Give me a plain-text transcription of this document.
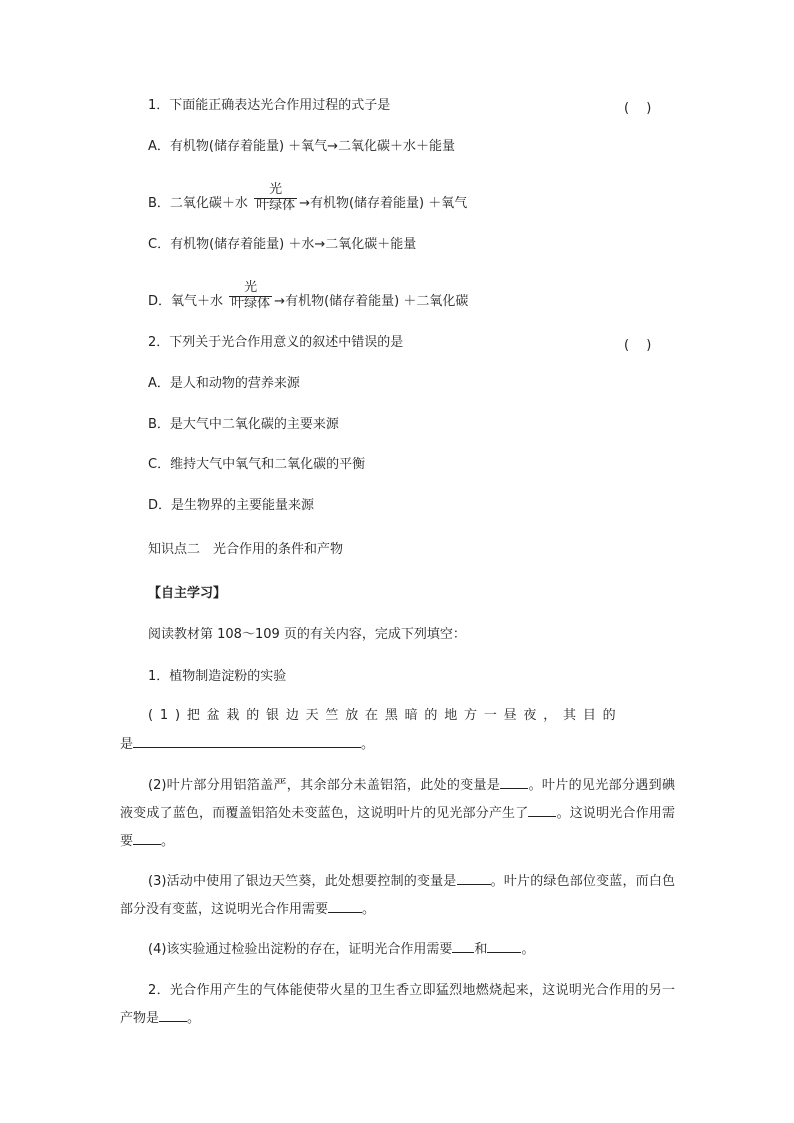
1．下面能正确表达光合作用过程的式子是	(　 )
A．有机物(储存着能量) ＋氧气→二氧化碳＋水＋能量
B．二氧化碳＋水 $\frac{\text{光}}{\text{叶绿体}}$ →有机物(储存着能量) ＋氧气
C．有机物(储存着能量) ＋水→二氧化碳＋能量
D．氧气＋水 $\frac{\text{光}}{\text{叶绿体}}$ →有机物(储存着能量) ＋二氧化碳
2．下列关于光合作用意义的叙述中错误的是	(　 )
A．是人和动物的营养来源
B．是大气中二氧化碳的主要来源
C．维持大气中氧气和二氧化碳的平衡
D．是生物界的主要能量来源
知识点二　光合作用的条件和产物
【自主学习】
阅读教材第 108～109 页的有关内容，完成下列填空：
1．植物制造淀粉的实验
(1)把盆栽的银边天竺放在黑暗的地方一昼夜，其目的
是	。
(2)叶片部分用铝箔盖严，其余部分未盖铝箔，此处的变量是 。叶片的见光部分遇到碘液变成了蓝色，而覆盖铝箔处未变蓝色，这说明叶片的见光部分产生了 。这说明光合作用需要 。
(3)活动中使用了银边天竺葵，此处想要控制的变量是	。叶片的绿色部位变蓝，而白色部分没有变蓝，这说明光合作用需要	。
(4)该实验通过检验出淀粉的存在，证明光合作用需要 和	。
2．光合作用产生的气体能使带火星的卫生香立即猛烈地燃烧起来，这说明光合作用的另一产物是 。
